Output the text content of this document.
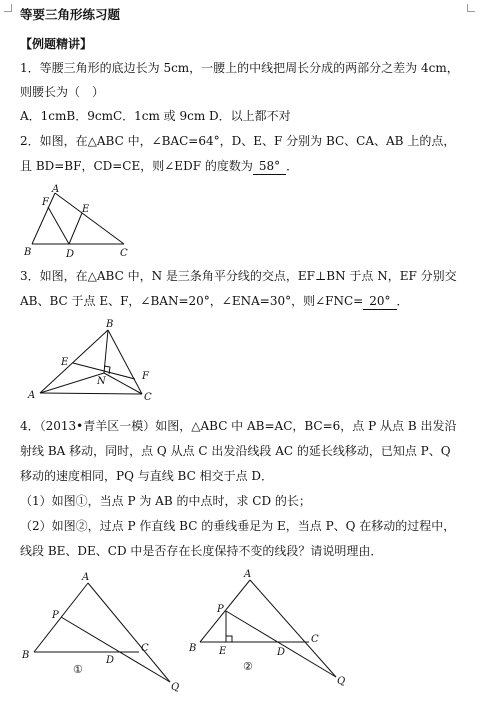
等要三角形练习题
【例题精讲】
1．等腰三角形的底边长为 5cm，一腰上的中线把周长分成的两部分之差为 4cm，
则腰长为（　）
A．1cmB．9cmC．1cm 或 9cm D．以上都不对
2．如图，在△ABC 中，∠BAC=64°，D、E、F 分别为 BC、CA、AB 上的点，
且 BD=BF，CD=CE，则∠EDF 的度数为 58° ．
A
F
E
B	D	C
3．如图，在△ABC 中，N 是三条角平分线的交点，EF⊥BN 于点 N，EF 分别交
AB、BC 于点 E、F，∠BAN=20°，∠ENA=30°，则∠FNC= 20° ．
B
E
N	F
A	C
4．（2013•青羊区一模）如图，△ABC 中 AB=AC，BC=6，点 P 从点 B 出发沿
射线 BA 移动，同时，点 Q 从点 C 出发沿线段 AC 的延长线移动，已知点 P、Q
移动的速度相同，PQ 与直线 BC 相交于点 D．
（1）如图①，当点 P 为 AB 的中点时，求 CD 的长；
（2）如图②，过点 P 作直线 BC 的垂线垂足为 E，当点 P、Q 在移动的过程中，
线段 BE、DE、CD 中是否存在长度保持不变的线段？请说明理由．
A
P
B	D
C
Q
①
A
P
B E	D
C
Q
②
